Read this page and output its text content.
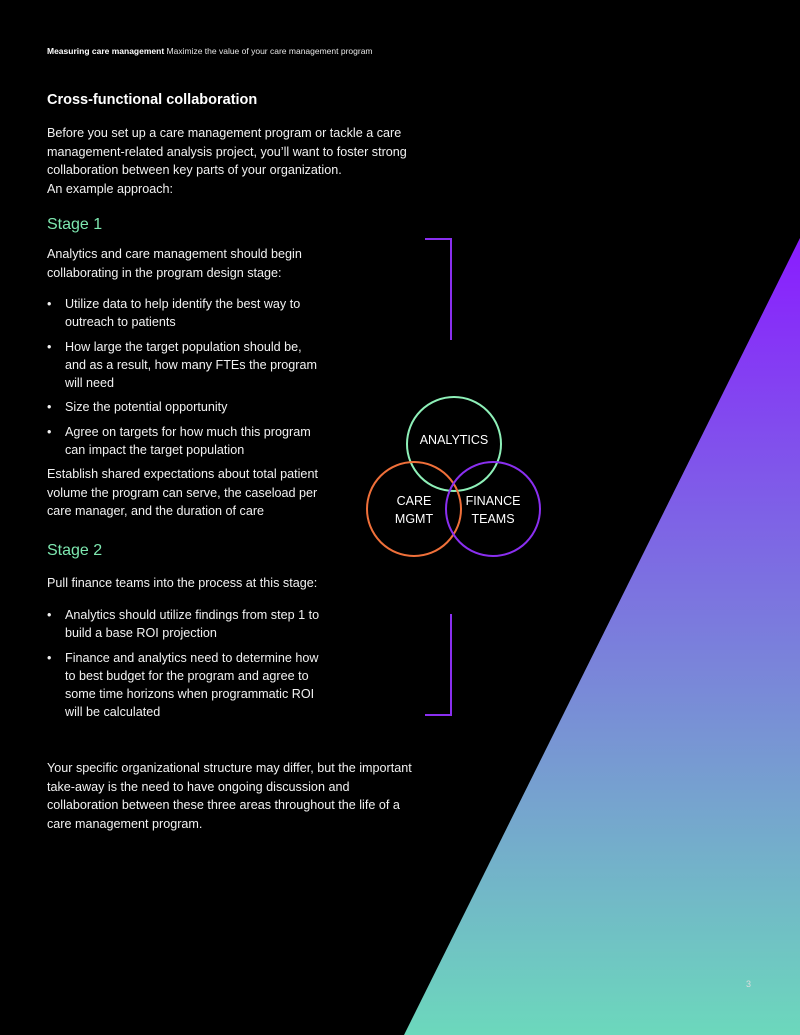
Measuring care management Maximize the value of your care management program
Cross-functional collaboration

Before you set up a care management program or tackle a care
management-related analysis project, you’ll want to foster strong
collaboration between key parts of your organization.
An example approach:

Stage 1

Analytics and care management should begin
collaborating in the program design stage:

• Utilize data to help identify the best way to
outreach to patients
• How large the target population should be,
and as a result, how many FTEs the program
will need
• Size the potential opportunity
• Agree on targets for how much this program
can impact the target population

Establish shared expectations about total patient
volume the program can serve, the caseload per
care manager, and the duration of care

Stage 2

Pull finance teams into the process at this stage:

• Analytics should utilize findings from step 1 to
build a base ROI projection
• Finance and analytics need to determine how
to best budget for the program and agree to
some time horizons when programmatic ROI
will be calculated

Your specific organizational structure may differ, but the important
take-away is the need to have ongoing discussion and
collaboration between these three areas throughout the life of a
care management program.

ANALYTICS
CARE
MGMT
FINANCE
TEAMS
3
